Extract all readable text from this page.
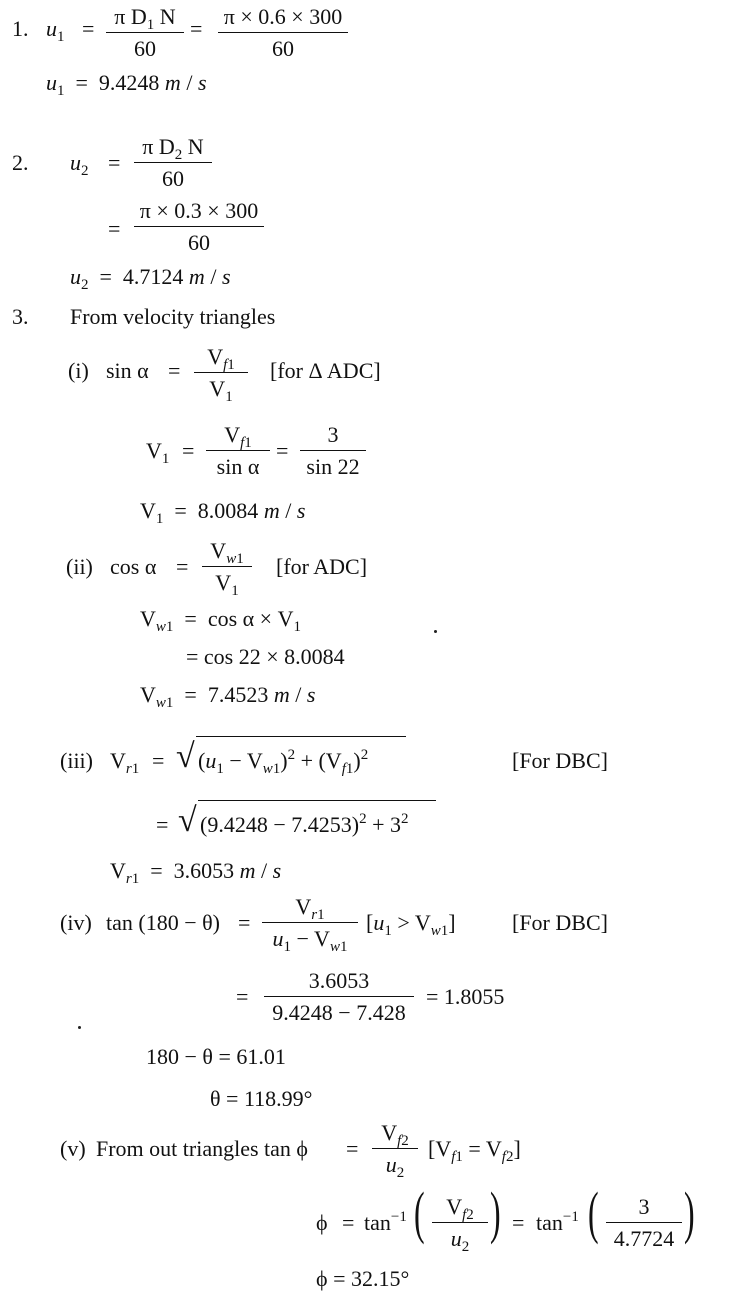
1. $u_1 = \pi$ $D_1$ N
60
= π × 0.6 × 300
60
$u_1 = 9.4248$ m / s
2. $u_2$ =
π $D_2$ N
60
=
π × 0.3 × 300
60
$u_2 = 4.7124$ m / s
3. From velocity triangles
(i) sin α =
$V_{f1}$
$V_1$
[for Δ ADC]
$V_1$ =
$V_{f1}$
sin α
=
3
sin 22
$V_1 = 8.0084$ m / s
(ii) cos α =
$V_{w1}$
$V_1$
[for ADC]
$V_{w1} = \cos \alpha \times V_1$
= cos 22 × 8.0084
$V_{w1} = 7.4523$ m / s
(iii) $V_{r1}$ = √ $(u_1 - V_{w1})^2 + (V_{f1})^2$	[For DBC]
= √ $(9.4248 - 7.4253)^2 + 3^2$
$V_{r1} = 3.6053$ m / s
(iv) tan (180 − θ) =
$V_{r1}$
$u_1 - V_{w1}$
$[u_1 > V_{w1}]$	[For DBC]
=
3.6053
9.4248 − 7.428
= 1.8055
180 − θ = 61.01
θ = 118.99°
(v) From out triangles tan ϕ =
$V_{f2}$
$u_2$
$[V_{f1} = V_{f2}]$
$\phi = \tan^{-1}$ ( $V_{f2}$
$u_2$
) = $\tan^{-1}$ (	3
4.7724 )
ϕ = 32.15°
